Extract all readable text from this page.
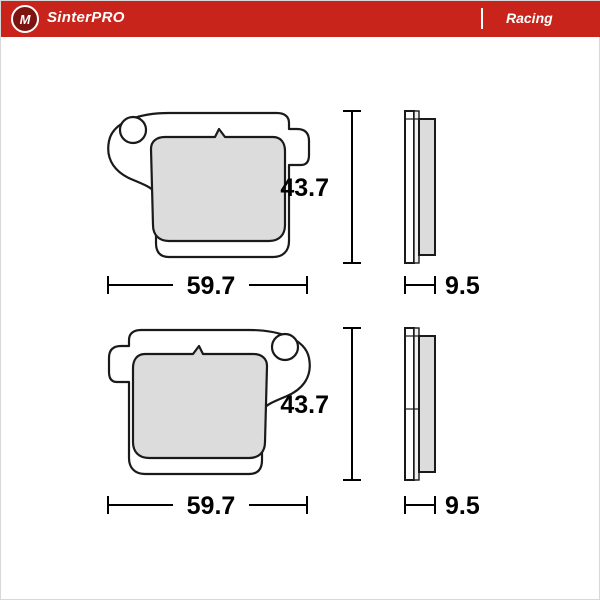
M SinterPRO	Racing
43.7
59.7	9.5
43.7
59.7	9.5
